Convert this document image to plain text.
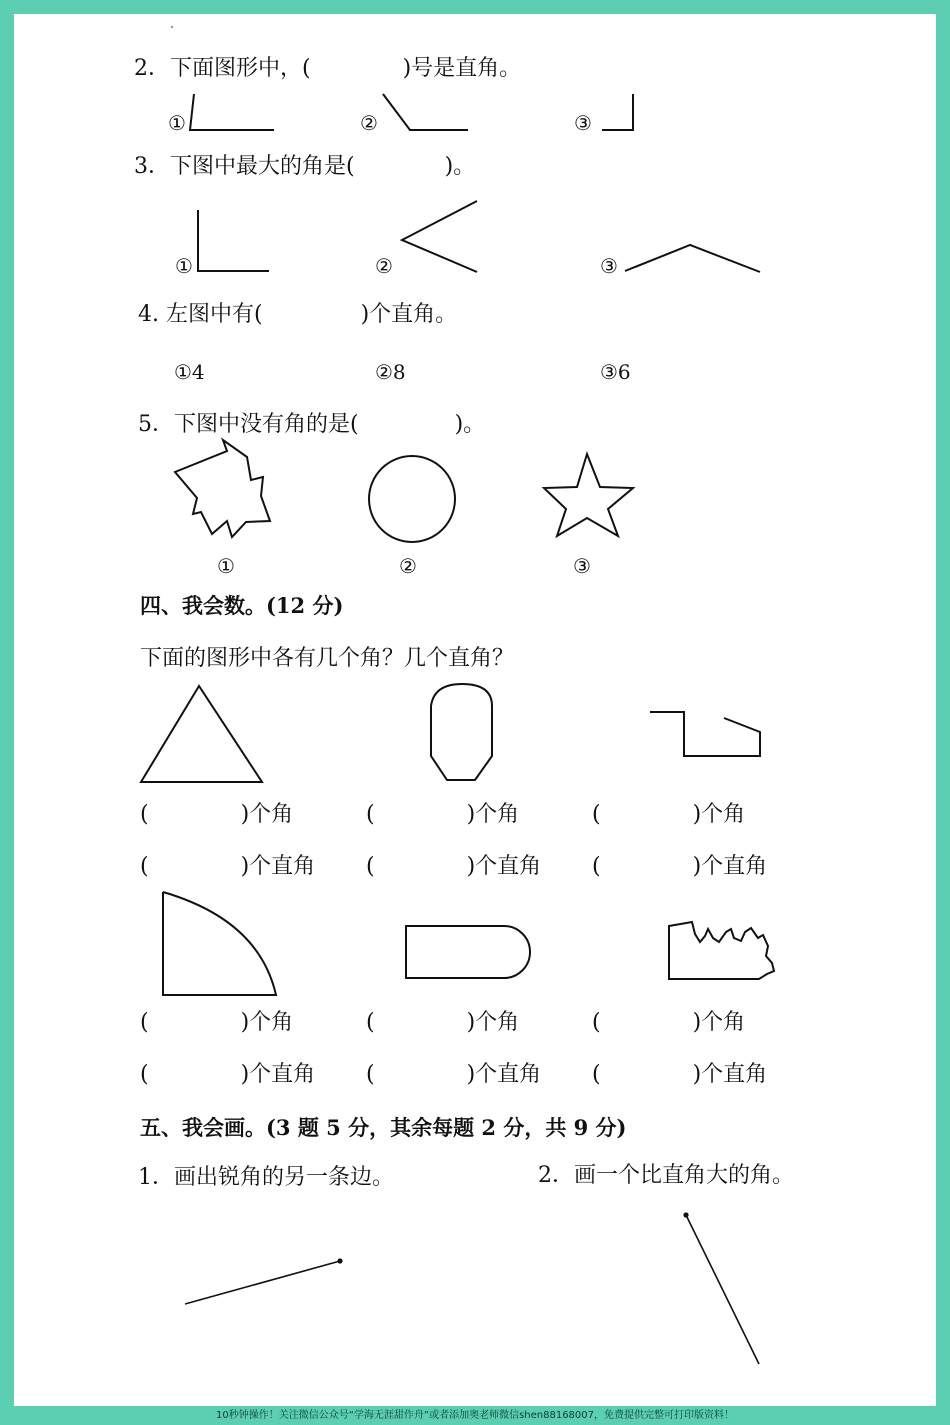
2．下面图形中，(	)号是直角。
①	②	③
3．下图中最大的角是(	)。
①	②	③
4. 左图中有(	)个直角。
①4	②8	③6
5．下图中没有角的是(	)。
①	②	③
四、我会数。(12 分)
下面的图形中各有几个角？几个直角？
(	)个角	(	)个角	(	)个角
(	)个直角 (	)个直角 (	)个直角
(	)个角	(	)个角	(	)个角
(	)个直角 (	)个直角 (	)个直角
五、我会画。(3 题 5 分，其余每题 2 分，共 9 分)
1．画出锐角的另一条边。	2．画一个比直角大的角。
10秒钟操作！关注微信公众号“学海无涯甜作舟”或者添加奥老师微信shen88168007，免费提供完整可打印版资料！
